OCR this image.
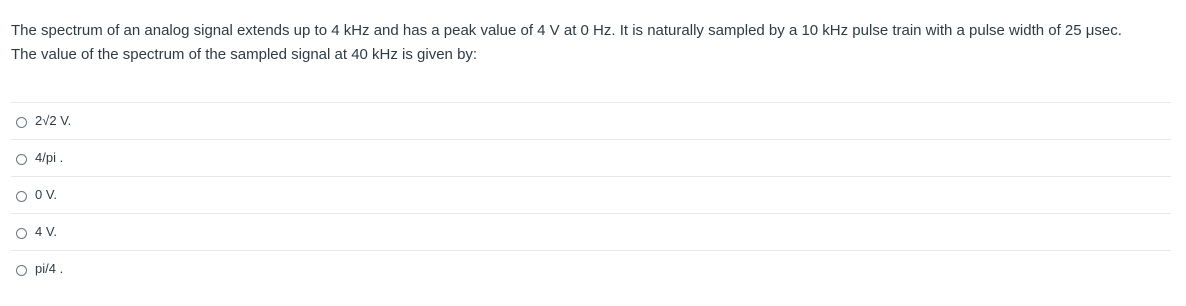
The spectrum of an analog signal extends up to 4 kHz and has a peak value of 4 V at 0 Hz. It is naturally sampled by a 10 kHz pulse train with a pulse width of 25 μsec.

The value of the spectrum of the sampled signal at 40 kHz is given by:

2√2 V.
4/pi .
0 V.
4 V.
pi/4 .
